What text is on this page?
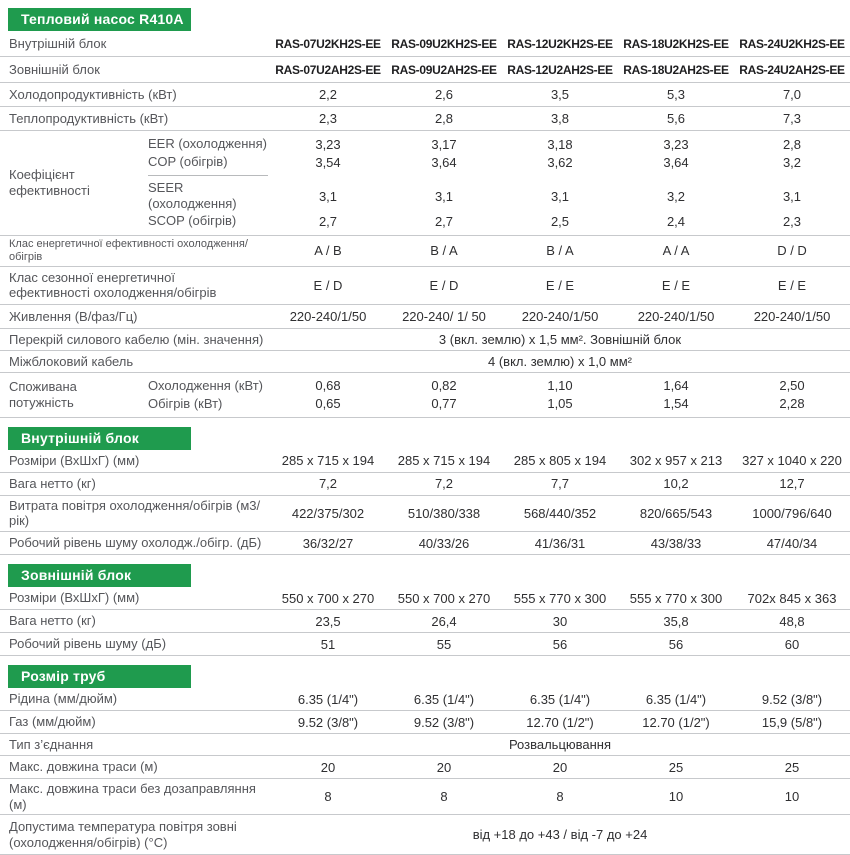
Тепловий насос R410A
Внутрішній блок	RAS-07U2KH2S-EE RAS-09U2KH2S-EE RAS-12U2KH2S-EE RAS-18U2KH2S-EE RAS-24U2KH2S-EE
Зовнішній блок	RAS-07U2AH2S-EE RAS-09U2AH2S-EE RAS-12U2AH2S-EE RAS-18U2AH2S-EE RAS-24U2AH2S-EE
Холодопродуктивність (кВт)	2,2	2,6	3,5	5,3	7,0
Теплопродуктивність (кВт)	2,3	2,8	3,8	5,6	7,3
Коефіцієнт ефективності
EER (охолодження)	3,23	3,17	3,18	3,23	2,8
COP (обігрів)	3,54	3,64	3,62	3,64	3,2
SEER (охолодження)	3,1	3,1	3,1	3,2	3,1
SCOP (обігрів)	2,7	2,7	2,5	2,4	2,3
Клас енергетичної ефективності охолодження/обігрів	A / B	B / A	B / A	A / A	D / D
Клас сезонної енергетичної ефективності охолодження/обігрів	E / D	E / D	E / E	E / E	E / E
Живлення (В/фаз/Гц)	220-240/1/50	220-240/ 1/ 50	220-240/1/50	220-240/1/50	220-240/1/50
Перекрій силового кабелю (мін. значення)	3 (вкл. землю) х 1,5 мм². Зовнішній блок
Міжблоковий кабель	4 (вкл. землю) х 1,0 мм²
Споживана потужність
Охолодження (кВт)	0,68	0,82	1,10	1,64	2,50
Обігрів (кВт)	0,65	0,77	1,05	1,54	2,28
Внутрішній блок
Розміри (ВхШхГ) (мм)	285 x 715 x 194	285 x 715 x 194	285 x 805 x 194	302 x 957 x 213	327 x 1040 x 220
Вага нетто (кг)	7,2	7,2	7,7	10,2	12,7
Витрата повітря охолодження/обігрів (м3/рік)	422/375/302	510/380/338	568/440/352	820/665/543	1000/796/640
Робочий рівень шуму охолодж./обігр. (дБ)	36/32/27	40/33/26	41/36/31	43/38/33	47/40/34
Зовнішній блок
Розміри (ВхШхГ) (мм)	550 x 700 x 270	550 x 700 x 270	555 x 770 x 300	555 x 770 x 300	702x 845 x 363
Вага нетто (кг)	23,5	26,4	30	35,8	48,8
Робочий рівень шуму (дБ)	51	55	56	56	60
Розмір труб
Рідина (мм/дюйм)	6.35 (1/4")	6.35 (1/4")	6.35 (1/4")	6.35 (1/4")	9.52 (3/8")
Газ (мм/дюйм)	9.52 (3/8")	9.52 (3/8")	12.70 (1/2")	12.70 (1/2")	15,9 (5/8")
Тип з’єднання	Розвальцювання
Макс. довжина траси (м)	20	20	20	25	25
Макс. довжина траси без дозаправляння (м)	8	8	8	10	10
Допустима температура повітря зовні (охолодження/обігрів) (°C)	від +18 до +43 / від -7 до +24
